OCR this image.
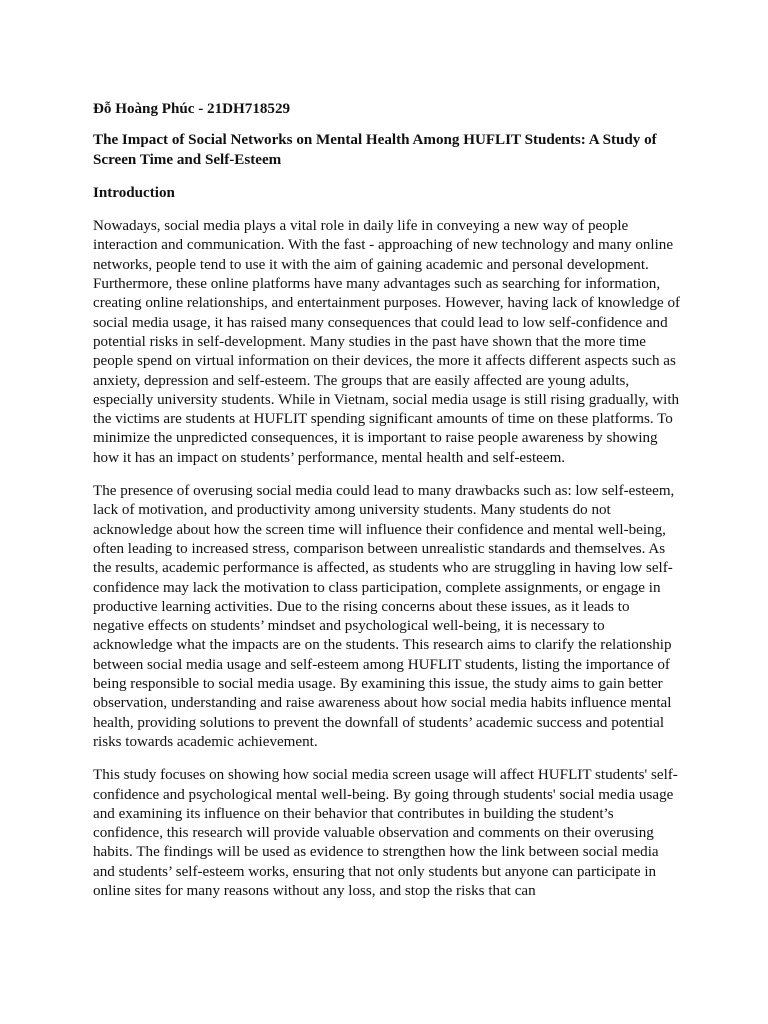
Đỗ Hoàng Phúc - 21DH718529

The Impact of Social Networks on Mental Health Among HUFLIT Students: A Study of Screen Time and Self-Esteem

Introduction

Nowadays, social media plays a vital role in daily life in conveying a new way of people interaction and communication. With the fast - approaching of new technology and many online networks, people tend to use it with the aim of gaining academic and personal development. Furthermore, these online platforms have many advantages such as searching for information, creating online relationships, and entertainment purposes. However, having lack of knowledge of social media usage, it has raised many consequences that could lead to low self-confidence and potential risks in self-development. Many studies in the past have shown that the more time people spend on virtual information on their devices, the more it affects different aspects such as anxiety, depression and self-esteem. The groups that are easily affected are young adults, especially university students. While in Vietnam, social media usage is still rising gradually, with the victims are students at HUFLIT spending significant amounts of time on these platforms. To minimize the unpredicted consequences, it is important to raise people awareness by showing how it has an impact on students’ performance, mental health and self-esteem.

The presence of overusing social media could lead to many drawbacks such as: low self-esteem, lack of motivation, and productivity among university students. Many students do not acknowledge about how the screen time will influence their confidence and mental well-being, often leading to increased stress, comparison between unrealistic standards and themselves. As the results, academic performance is affected, as students who are struggling in having low self-confidence may lack the motivation to class participation, complete assignments, or engage in productive learning activities. Due to the rising concerns about these issues, as it leads to negative effects on students’ mindset and psychological well-being, it is necessary to acknowledge what the impacts are on the students. This research aims to clarify the relationship between social media usage and self-esteem among HUFLIT students, listing the importance of being responsible to social media usage. By examining this issue, the study aims to gain better observation, understanding and raise awareness about how social media habits influence mental health, providing solutions to prevent the downfall of students’ academic success and potential risks towards academic achievement.

This study focuses on showing how social media screen usage will affect HUFLIT students' self-confidence and psychological mental well-being. By going through students' social media usage and examining its influence on their behavior that contributes in building the student’s confidence, this research will provide valuable observation and comments on their overusing habits. The findings will be used as evidence to strengthen how the link between social media and students’ self-esteem works, ensuring that not only students but anyone can participate in online sites for many reasons without any loss, and stop the risks that can
